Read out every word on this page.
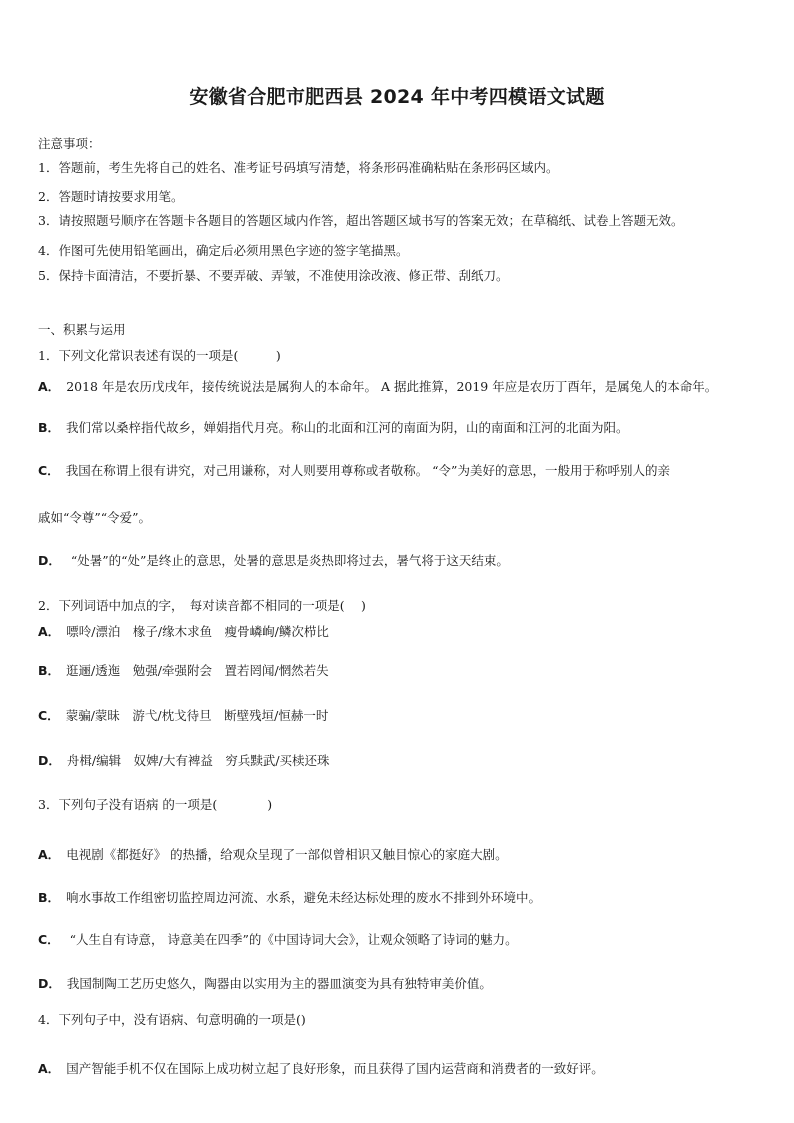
安徽省合肥市肥西县 2024 年中考四模语文试题
注意事项：
1．答题前，考生先将自己的姓名、准考证号码填写清楚，将条形码准确粘贴在条形码区域内。
2．答题时请按要求用笔。
3．请按照题号顺序在答题卡各题目的答题区域内作答，超出答题区域书写的答案无效；在草稿纸、试卷上答题无效。
4．作图可先使用铅笔画出，确定后必须用黑色字迹的签字笔描黑。
5．保持卡面清洁，不要折暴、不要弄破、弄皱，不准使用涂改液、修正带、刮纸刀。
一、积累与运用
1．下列文化常识表述有误的一项是(　　　)
A． 2018 年是农历戊戌年，接传统说法是属狗人的本命年。 A 据此推算，2019 年应是农历丁酉年，是属兔人的本命年。
B． 我们常以桑梓指代故乡，婵娟指代月亮。称山的北面和江河的南面为阴，山的南面和江河的北面为阳。
C． 我国在称谓上很有讲究，对己用谦称，对人则要用尊称或者敬称。 “令”为美好的意思，一般用于称呼别人的亲
戚如“令尊”“令爱”。
D． “处暑”的“处”是终止的意思，处暑的意思是炎热即将过去，暑气将于这天结束。
2．下列词语中加点的字，　每对读音都不相同的一项是(　 )
A． 嘌呤/漂泊　椽子/缘木求鱼　瘦骨嶙峋/鳞次栉比
B． 逛逦/透迤　勉强/牵强附会　置若罔闻/惘然若失
C． 蒙骗/蒙昧　游弋/枕戈待旦　断壁残垣/恒赫一时
D． 舟楫/编辑　奴婢/大有裨益　穷兵黩武/买椟还珠
3．下列句子没有语病 的一项是(　　　　)
A． 电视剧《都挺好》 的热播，给观众呈现了一部似曾相识又触目惊心的家庭大剧。
B． 响水事故工作组密切监控周边河流、水系，避免未经达标处理的废水不排到外环境中。
C． “人生自有诗意， 诗意美在四季”的《中国诗词大会》，让观众领略了诗词的魅力。
D． 我国制陶工艺历史悠久，陶器由以实用为主的器皿演变为具有独特审美价值。
4．下列句子中，没有语病、句意明确的一项是()
A． 国产智能手机不仅在国际上成功树立起了良好形象，而且获得了国内运营商和消费者的一致好评。
